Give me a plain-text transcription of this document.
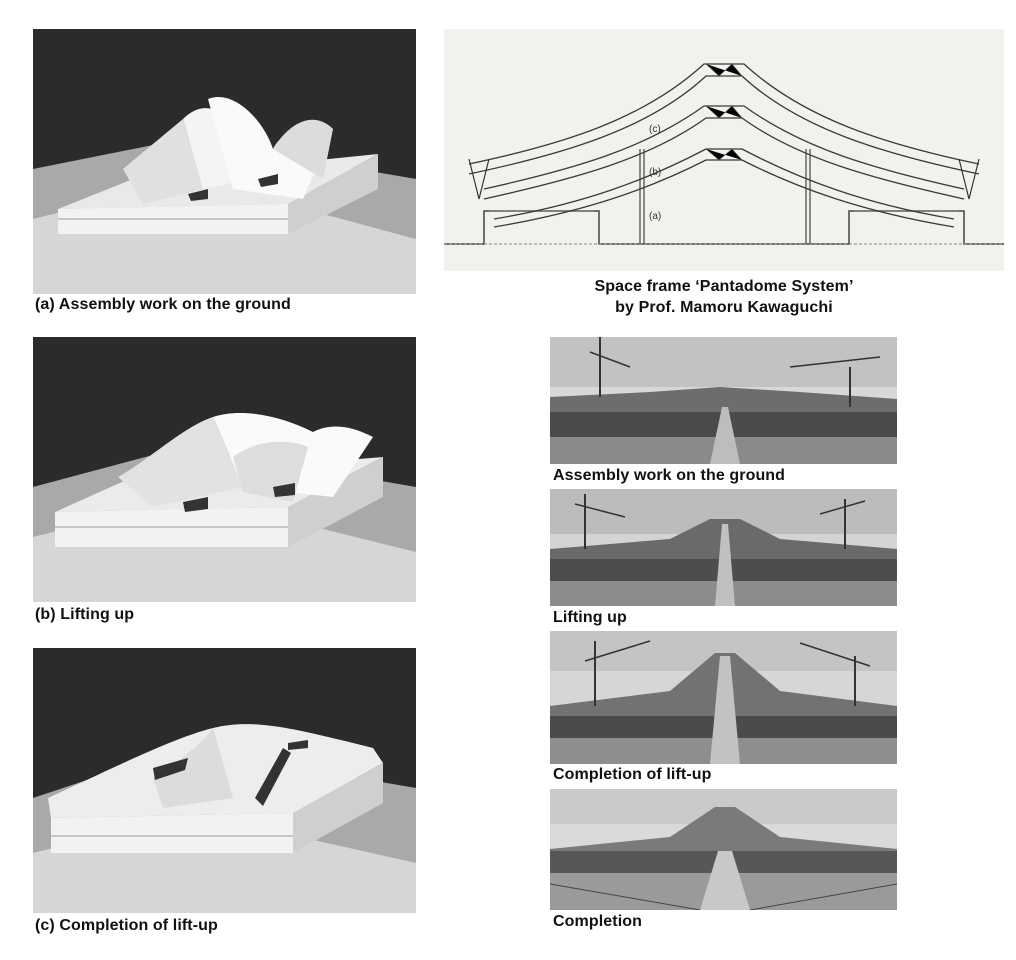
(a) Assembly work on the ground
(b) Lifting up
(c) Completion of lift-up
(c)
(b)
(a)
Space frame ‘Pantadome System’
by Prof. Mamoru Kawaguchi
Assembly work on the ground
Lifting up
Completion of lift-up
Completion
